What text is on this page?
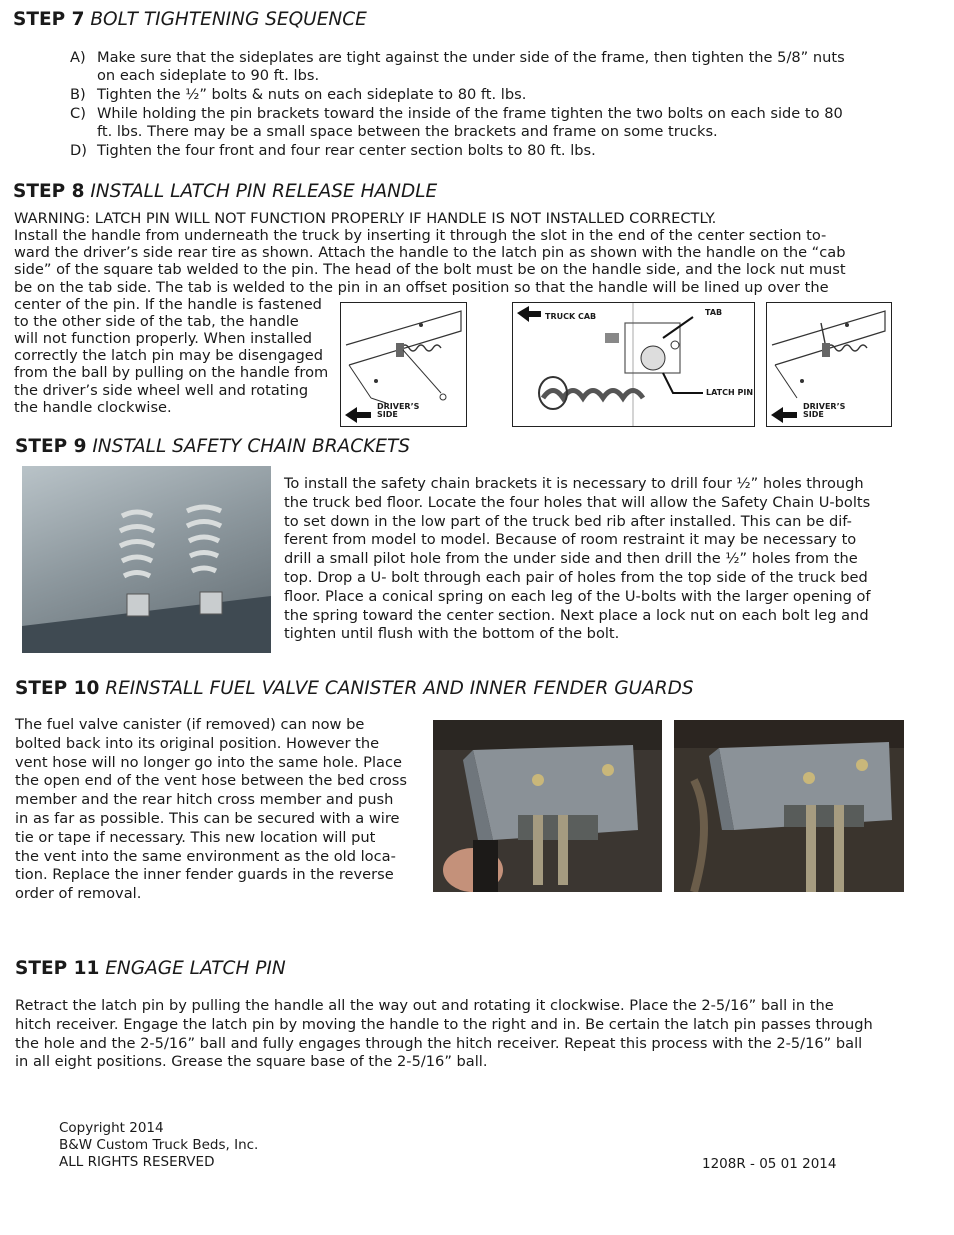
STEP 7 BOLT TIGHTENING SEQUENCE
A) Make sure that the sideplates are tight against the under side of the frame, then tighten the 5/8” nuts
on each sideplate to 90 ft. lbs.
B) Tighten the ½” bolts & nuts on each sideplate to 80 ft. lbs.
C) While holding the pin brackets toward the inside of the frame tighten the two bolts on each side to 80
ft. lbs. There may be a small space between the brackets and frame on some trucks.
D) Tighten the four front and four rear center section bolts to 80 ft. lbs.
STEP 8 INSTALL LATCH PIN RELEASE HANDLE
WARNING: LATCH PIN WILL NOT FUNCTION PROPERLY IF HANDLE IS NOT INSTALLED CORRECTLY.
Install the handle from underneath the truck by inserting it through the slot in the end of the center section to-
ward the driver’s side rear tire as shown. Attach the handle to the latch pin as shown with the handle on the “cab
side” of the square tab welded to the pin. The head of the bolt must be on the handle side, and the lock nut must
be on the tab side. The tab is welded to the pin in an offset position so that the handle will be lined up over the
center of the pin. If the handle is fastened
to the other side of the tab, the handle
will not function properly. When installed
correctly the latch pin may be disengaged
from the ball by pulling on the handle from
the driver’s side wheel well and rotating
the handle clockwise.	DRIVER’S
SIDE
TRUCK CAB	TAB
LATCH PIN
DRIVER’S
SIDE
STEP 9 INSTALL SAFETY CHAIN BRACKETS
To install the safety chain brackets it is necessary to drill four ½” holes through
the truck bed floor. Locate the four holes that will allow the Safety Chain U-bolts
to set down in the low part of the truck bed rib after installed. This can be dif-
ferent from model to model. Because of room restraint it may be necessary to
drill a small pilot hole from the under side and then drill the ½” holes from the
top. Drop a U- bolt through each pair of holes from the top side of the truck bed
floor. Place a conical spring on each leg of the U-bolts with the larger opening of
the spring toward the center section. Next place a lock nut on each bolt leg and
tighten until flush with the bottom of the bolt.
STEP 10 REINSTALL FUEL VALVE CANISTER AND INNER FENDER GUARDS
The fuel valve canister (if removed) can now be
bolted back into its original position. However the
vent hose will no longer go into the same hole. Place
the open end of the vent hose between the bed cross
member and the rear hitch cross member and push
in as far as possible. This can be secured with a wire
tie or tape if necessary. This new location will put
the vent into the same environment as the old loca-
tion. Replace the inner fender guards in the reverse
order of removal.
STEP 11 ENGAGE LATCH PIN
Retract the latch pin by pulling the handle all the way out and rotating it clockwise. Place the 2-5/16” ball in the
hitch receiver. Engage the latch pin by moving the handle to the right and in. Be certain the latch pin passes through
the hole and the 2-5/16” ball and fully engages through the hitch receiver. Repeat this process with the 2-5/16” ball
in all eight positions. Grease the square base of the 2-5/16” ball.
Copyright 2014
B&W Custom Truck Beds, Inc.
ALL RIGHTS RESERVED	1208R - 05 01 2014
